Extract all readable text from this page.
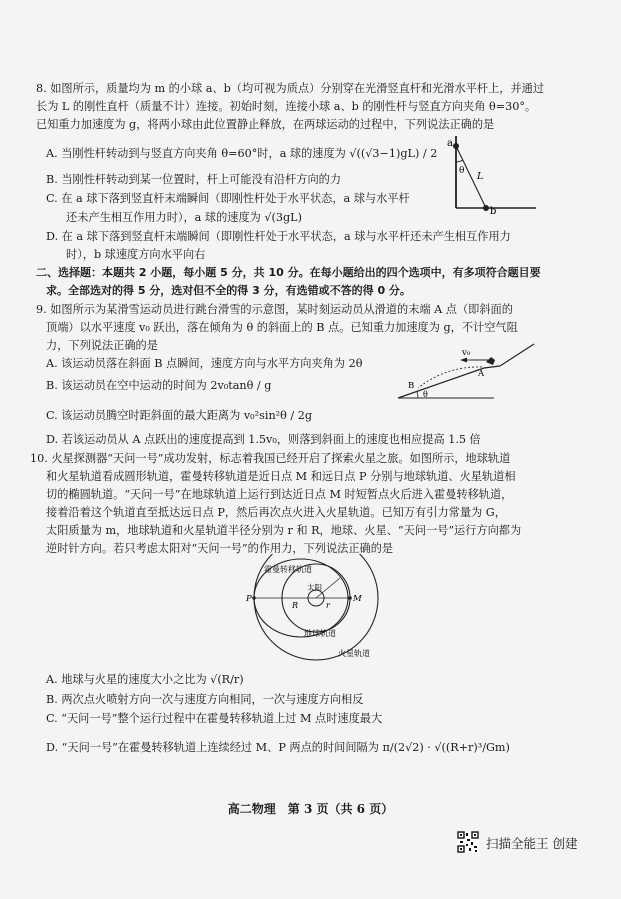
8. 如图所示，质量均为 m 的小球 a、b（均可视为质点）分别穿在光滑竖直杆和光滑水平杆上，并通过
长为 L 的刚性直杆（质量不计）连接。初始时刻，连接小球 a、b 的刚性杆与竖直方向夹角 θ=30°。
已知重力加速度为 g，将两小球由此位置静止释放，在两球运动的过程中，下列说法正确的是
A. 当刚性杆转动到与竖直方向夹角 θ=60°时，a 球的速度为 √((√3−1)gL) / 2
B. 当刚性杆转动到某一位置时，杆上可能没有沿杆方向的力
C. 在 a 球下落到竖直杆末端瞬间（即刚性杆处于水平状态，a 球与水平杆
还未产生相互作用力时），a 球的速度为 √(3gL)
D. 在 a 球下落到竖直杆末端瞬间（即刚性杆处于水平状态，a 球与水平杆还未产生相互作用力
时），b 球速度方向水平向右
a
θ L
b
二、选择题：本题共 2 小题，每小题 5 分，共 10 分。在每小题给出的四个选项中，有多项符合题目要
求。全部选对的得 5 分，选对但不全的得 3 分，有选错或不答的得 0 分。
9. 如图所示为某滑雪运动员进行跳台滑雪的示意图，某时刻运动员从滑道的末端 A 点（即斜面的
顶端）以水平速度 v₀ 跃出，落在倾角为 θ 的斜面上的 B 点。已知重力加速度为 g，不计空气阻
力，下列说法正确的是
A. 该运动员落在斜面 B 点瞬间，速度方向与水平方向夹角为 2θ
B. 该运动员在空中运动的时间为 2v₀tanθ / g
C. 该运动员腾空时距斜面的最大距离为 v₀²sin²θ / 2g
D. 若该运动员从 A 点跃出的速度提高到 1.5v₀，则落到斜面上的速度也相应提高 1.5 倍
v₀
A
B
θ
10. 火星探测器“天问一号”成功发射，标志着我国已经开启了探索火星之旅。如图所示，地球轨道
和火星轨道看成圆形轨道，霍曼转移轨道是近日点 M 和远日点 P 分别与地球轨道、火星轨道相
切的椭圆轨道。“天问一号”在地球轨道上运行到达近日点 M 时短暂点火后进入霍曼转移轨道，
接着沿着这个轨道直至抵达远日点 P，然后再次点火进入火星轨道。已知万有引力常量为 G，
太阳质量为 m，地球轨道和火星轨道半径分别为 r 和 R，地球、火星、“天问一号”运行方向都为
逆时针方向。若只考虑太阳对“天问一号”的作用力，下列说法正确的是
霍曼转移轨道
太阳
P	M
R	r
地球轨道
火星轨道
A. 地球与火星的速度大小之比为 √(R/r)
B. 两次点火喷射方向一次与速度方向相同，一次与速度方向相反
C. “天问一号”整个运行过程中在霍曼转移轨道上过 M 点时速度最大
D. “天问一号”在霍曼转移轨道上连续经过 M、P 两点的时间间隔为 π/(2√2) · √((R+r)³/Gm)
高二物理　第 3 页（共 6 页）
扫描全能王 创建
